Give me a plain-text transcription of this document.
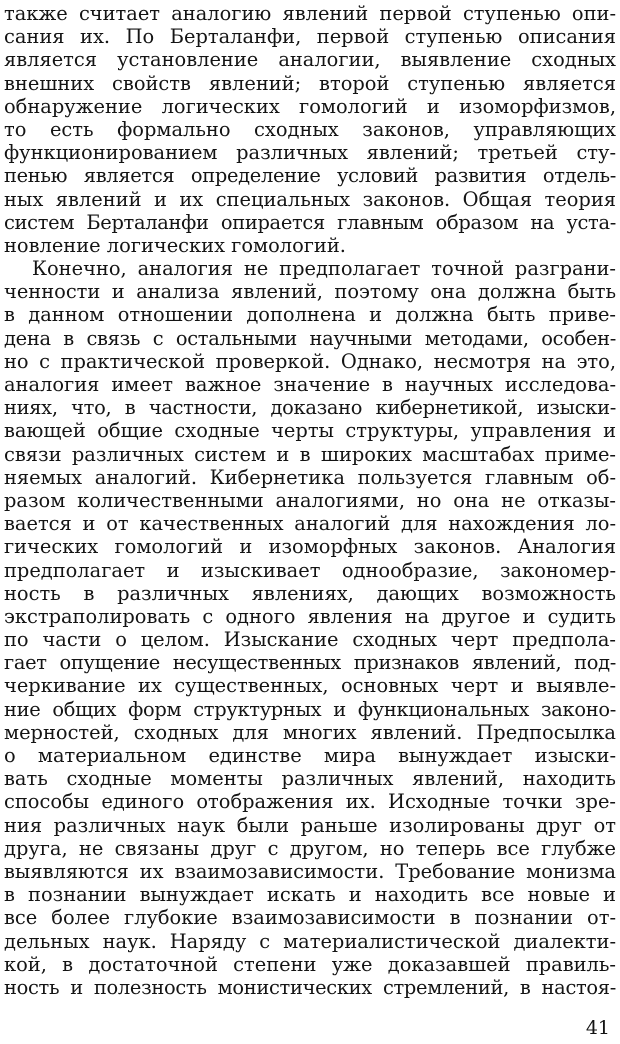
также считает аналогию явлений первой ступенью опи-
сания их. По Берталанфи, первой ступенью описания
является установление аналогии, выявление сходных
внешних свойств явлений; второй ступенью является
обнаружение логических гомологий и изоморфизмов,
то есть формально сходных законов, управляющих
функционированием различных явлений; третьей сту-
пенью является определение условий развития отдель-
ных явлений и их специальных законов. Общая теория
систем Берталанфи опирается главным образом на уста-
новление логических гомологий.
Конечно, аналогия не предполагает точной разграни-
ченности и анализа явлений, поэтому она должна быть
в данном отношении дополнена и должна быть приве-
дена в связь с остальными научными методами, особен-
но с практической проверкой. Однако, несмотря на это,
аналогия имеет важное значение в научных исследова-
ниях, что, в частности, доказано кибернетикой, изыски-
вающей общие сходные черты структуры, управления и
связи различных систем и в широких масштабах приме-
няемых аналогий. Кибернетика пользуется главным об-
разом количественными аналогиями, но она не отказы-
вается и от качественных аналогий для нахождения ло-
гических гомологий и изоморфных законов. Аналогия
предполагает и изыскивает однообразие, закономер-
ность в различных явлениях, дающих возможность
экстраполировать с одного явления на другое и судить
по части о целом. Изыскание сходных черт предпола-
гает опущение несущественных признаков явлений, под-
черкивание их существенных, основных черт и выявле-
ние общих форм структурных и функциональных законо-
мерностей, сходных для многих явлений. Предпосылка
о материальном единстве мира вынуждает изыски-
вать сходные моменты различных явлений, находить
способы единого отображения их. Исходные точки зре-
ния различных наук были раньше изолированы друг от
друга, не связаны друг с другом, но теперь все глубже
выявляются их взаимозависимости. Требование монизма
в познании вынуждает искать и находить все новые и
все более глубокие взаимозависимости в познании от-
дельных наук. Наряду с материалистической диалекти-
кой, в достаточной степени уже доказавшей правиль-
ность и полезность монистических стремлений, в настоя-
41
